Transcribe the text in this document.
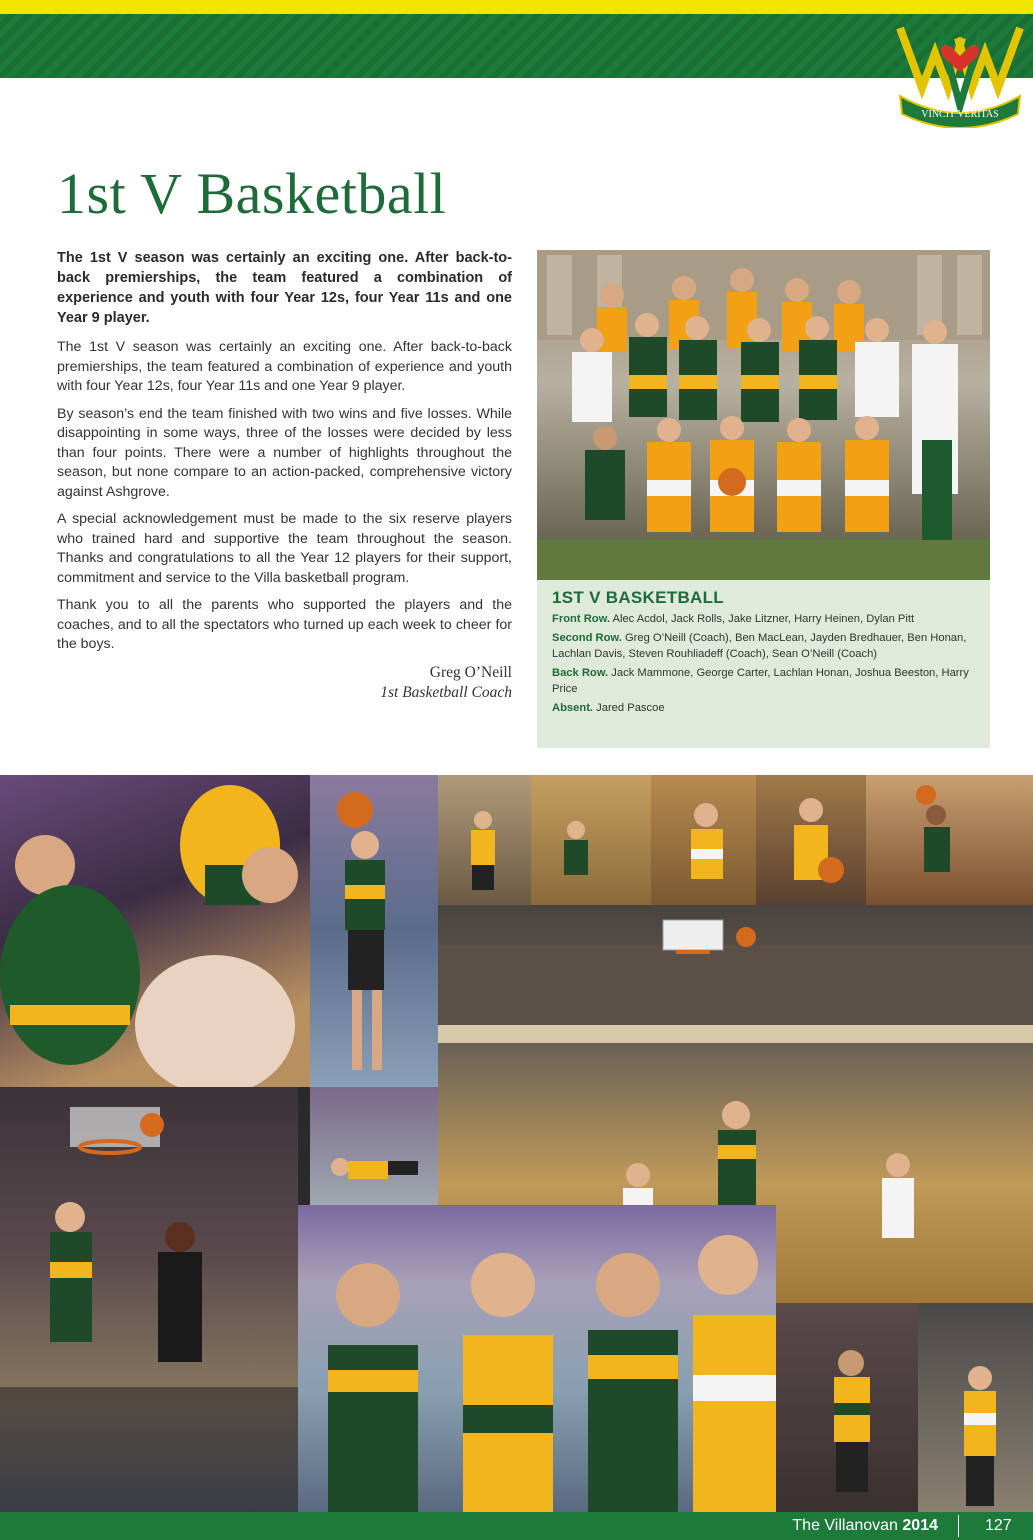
VINCIT VERITAS
1st V Basketball

The 1st V season was certainly an exciting one. After back-to-back premierships, the team featured a combination of experience and youth with four Year 12s, four Year 11s and one Year 9 player.

The 1st V season was certainly an exciting one. After back-to-back premierships, the team featured a combination of experience and youth with four Year 12s, four Year 11s and one Year 9 player.

By season’s end the team finished with two wins and five losses. While disappointing in some ways, three of the losses were decided by less than four points. There were a number of highlights throughout the season, but none compare to an action-packed, comprehensive victory against Ashgrove.

A special acknowledgement must be made to the six reserve players who trained hard and supportive the team throughout the season. Thanks and congratulations to all the Year 12 players for their support, commitment and service to the Villa basketball program.

Thank you to all the parents who supported the players and the coaches, and to all the spectators who turned up each week to cheer for the boys.

Greg O’Neill
1st Basketball Coach
1ST V BASKETBALL
Front Row. Alec Acdol, Jack Rolls, Jake Litzner, Harry Heinen, Dylan Pitt
Second Row. Greg O’Neill (Coach), Ben MacLean, Jayden Bredhauer, Ben Honan, Lachlan Davis, Steven Rouhliadeff (Coach), Sean O’Neill (Coach)
Back Row. Jack Mammone, George Carter, Lachlan Honan, Joshua Beeston, Harry Price
Absent. Jared Pascoe
The Villanovan 2014	127
